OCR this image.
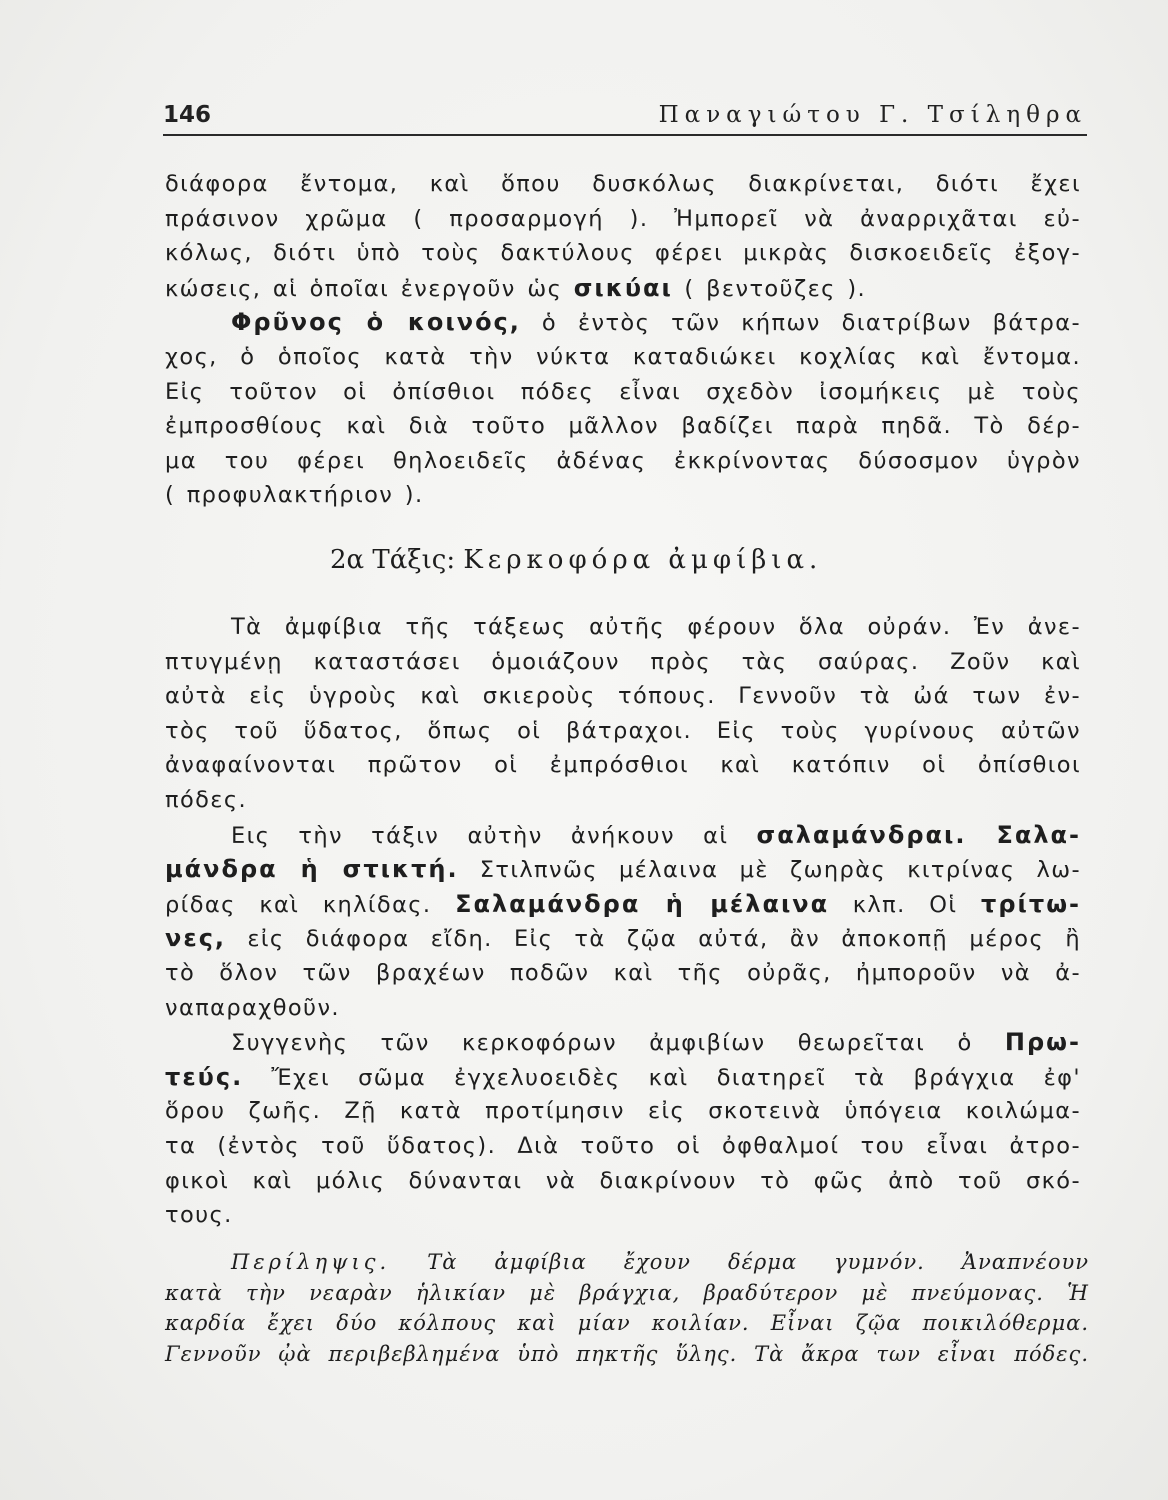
146	Παναγιώτου Γ. Τσίληθρα
διάφορα ἔντομα, καὶ ὅπου δυσκόλως διακρίνεται, διότι ἔχει
πράσινον χρῶμα ( προσαρμογή ). Ἠμπορεῖ νὰ ἀναρριχᾶται εὐ-
κόλως, διότι ὑπὸ τοὺς δακτύλους φέρει μικρὰς δισκοειδεῖς ἐξογ-
κώσεις, αἱ ὁποῖαι ἐνεργοῦν ὡς σικύαι ( βεντοῦζες ).
Φρῦνος ὁ κοινός, ὁ ἐντὸς τῶν κήπων διατρίβων βάτρα-
χος, ὁ ὁποῖος κατὰ τὴν νύκτα καταδιώκει κοχλίας καὶ ἔντομα.
Εἰς τοῦτον οἱ ὀπίσθιοι πόδες εἶναι σχεδὸν ἰσομήκεις μὲ τοὺς
ἐμπροσθίους καὶ διὰ τοῦτο μᾶλλον βαδίζει παρὰ πηδᾶ. Τὸ δέρ-
μα του φέρει θηλοειδεῖς ἀδένας ἐκκρίνοντας δύσοσμον ὑγρὸν
( προφυλακτήριον ).
2α Τάξις: Κερκοφόρα ἀμφίβια.
Τὰ ἀμφίβια τῆς τάξεως αὐτῆς φέρουν ὅλα οὐράν. Ἐν ἀνε-
πτυγμένῃ καταστάσει ὁμοιάζουν πρὸς τὰς σαύρας. Ζοῦν καὶ
αὐτὰ εἰς ὑγροὺς καὶ σκιεροὺς τόπους. Γεννοῦν τὰ ὠά των ἐν-
τὸς τοῦ ὕδατος, ὅπως οἱ βάτραχοι. Εἰς τοὺς γυρίνους αὐτῶν
ἀναφαίνονται πρῶτον οἱ ἐμπρόσθιοι καὶ κατόπιν οἱ ὀπίσθιοι
πόδες.
Εις τὴν τάξιν αὐτὴν ἀνήκουν αἱ σαλαμάνδραι. Σαλα-
μάνδρα ἡ στικτή. Στιλπνῶς μέλαινα μὲ ζωηρὰς κιτρίνας λω-
ρίδας καὶ κηλίδας. Σαλαμάνδρα ἡ μέλαινα κλπ. Οἱ τρίτω-
νες, εἰς διάφορα εἴδη. Εἰς τὰ ζῷα αὐτά, ἂν ἀποκοπῇ μέρος ἢ
τὸ ὅλον τῶν βραχέων ποδῶν καὶ τῆς οὐρᾶς, ἠμποροῦν νὰ ἀ-
ναπαραχθοῦν.
Συγγενὴς τῶν κερκοφόρων ἀμφιβίων θεωρεῖται ὁ Πρω-
τεύς. Ἔχει σῶμα ἐγχελυοειδὲς καὶ διατηρεῖ τὰ βράγχια ἐφ'
ὅρου ζωῆς. Ζῇ κατὰ προτίμησιν εἰς σκοτεινὰ ὑπόγεια κοιλώμα-
τα (ἐντὸς τοῦ ὕδατος). Διὰ τοῦτο οἱ ὀφθαλμοί του εἶναι ἀτρο-
φικοὶ καὶ μόλις δύνανται νὰ διακρίνουν τὸ φῶς ἀπὸ τοῦ σκό-
τους.
Περίληψις. Τὰ ἀμφίβια ἔχουν δέρμα γυμνόν. Ἀναπνέουν
κατὰ τὴν νεαρὰν ἡλικίαν μὲ βράγχια, βραδύτερον μὲ πνεύμονας. Ἡ
καρδία ἔχει δύο κόλπους καὶ μίαν κοιλίαν. Εἶναι ζῷα ποικιλόθερμα.
Γεννοῦν ᾠὰ περιβεβλημένα ὑπὸ πηκτῆς ὕλης. Τὰ ἄκρα των εἶναι πόδες.
